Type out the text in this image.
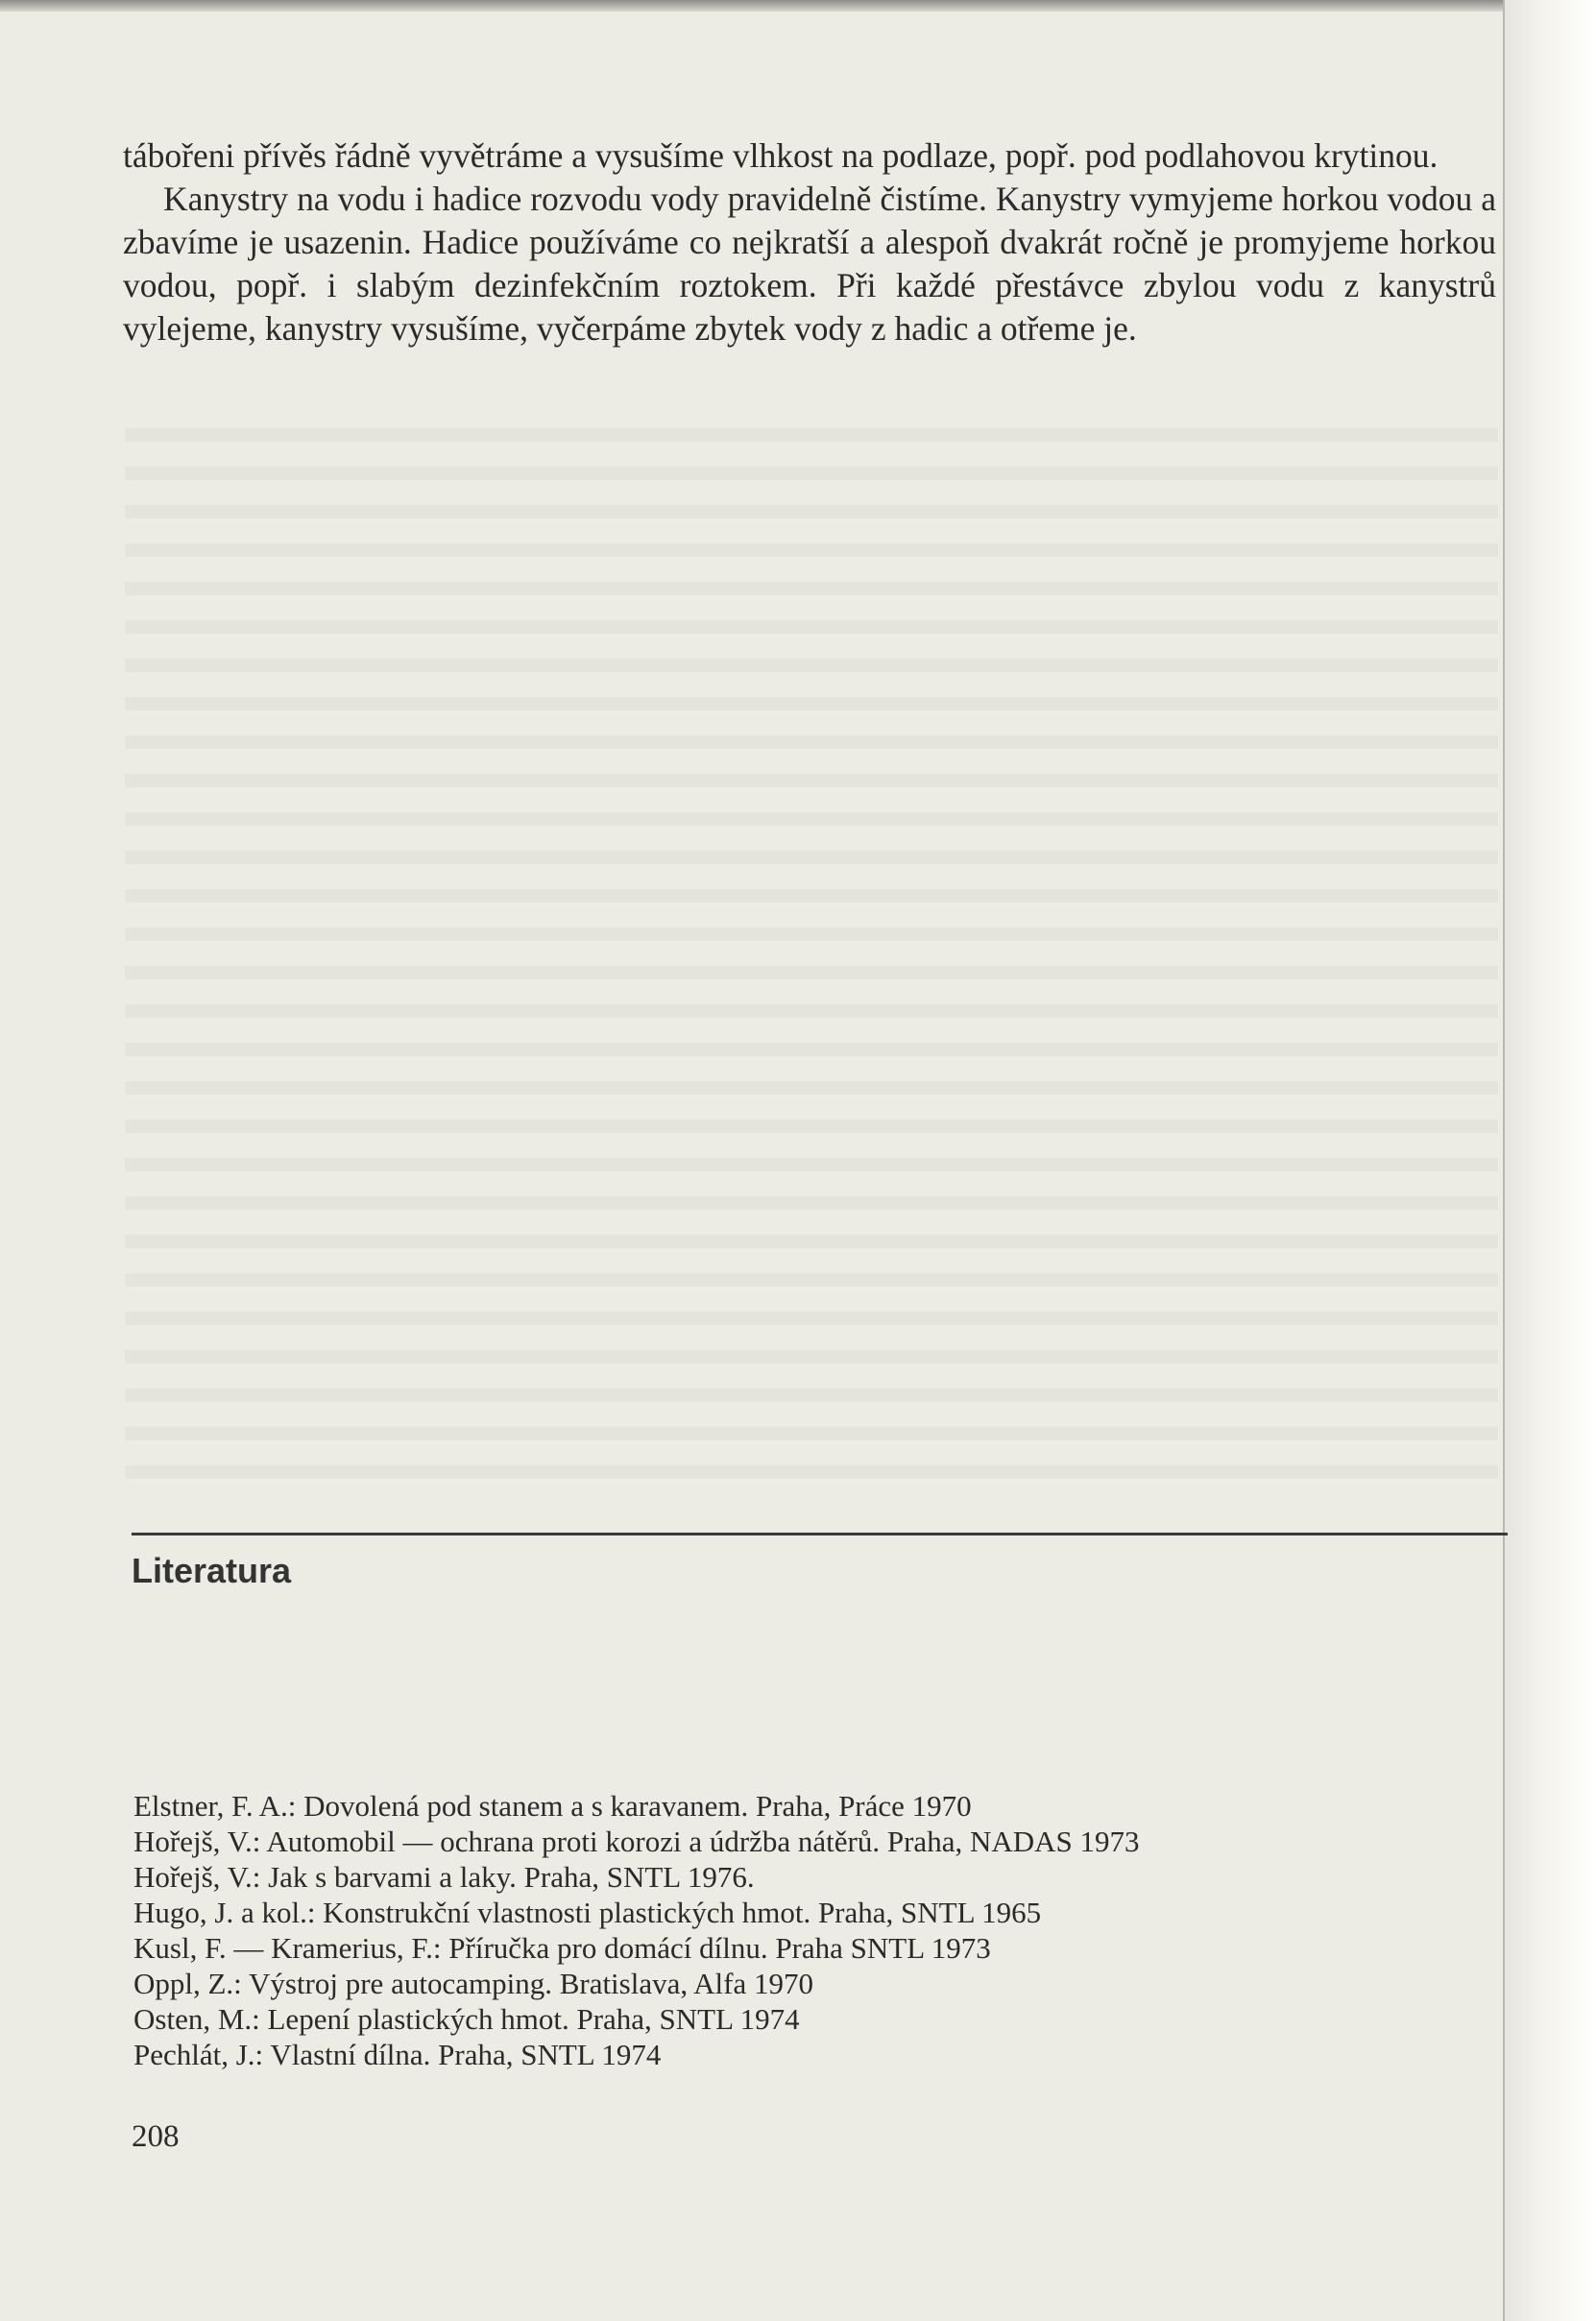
tábořeni přívěs řádně vyvětráme a vysušíme vlhkost na podlaze, popř. pod podlahovou krytinou.

Kanystry na vodu i hadice rozvodu vody pravidelně čistíme. Kanystry vymyjeme horkou vodou a zbavíme je usazenin. Hadice používáme co nejkratší a alespoň dvakrát ročně je promyjeme horkou vodou, popř. i slabým dezinfekčním roztokem. Při každé přestávce zbylou vodu z kanystrů vylejeme, kanystry vysušíme, vyčerpáme zbytek vody z hadic a otřeme je.

Literatura
Elstner, F. A.: Dovolená pod stanem a s karavanem. Praha, Práce 1970
Hořejš, V.: Automobil — ochrana proti korozi a údržba nátěrů. Praha, NADAS 1973
Hořejš, V.: Jak s barvami a laky. Praha, SNTL 1976.
Hugo, J. a kol.: Konstrukční vlastnosti plastických hmot. Praha, SNTL 1965
Kusl, F. — Kramerius, F.: Příručka pro domácí dílnu. Praha SNTL 1973
Oppl, Z.: Výstroj pre autocamping. Bratislava, Alfa 1970
Osten, M.: Lepení plastických hmot. Praha, SNTL 1974
Pechlát, J.: Vlastní dílna. Praha, SNTL 1974
208
